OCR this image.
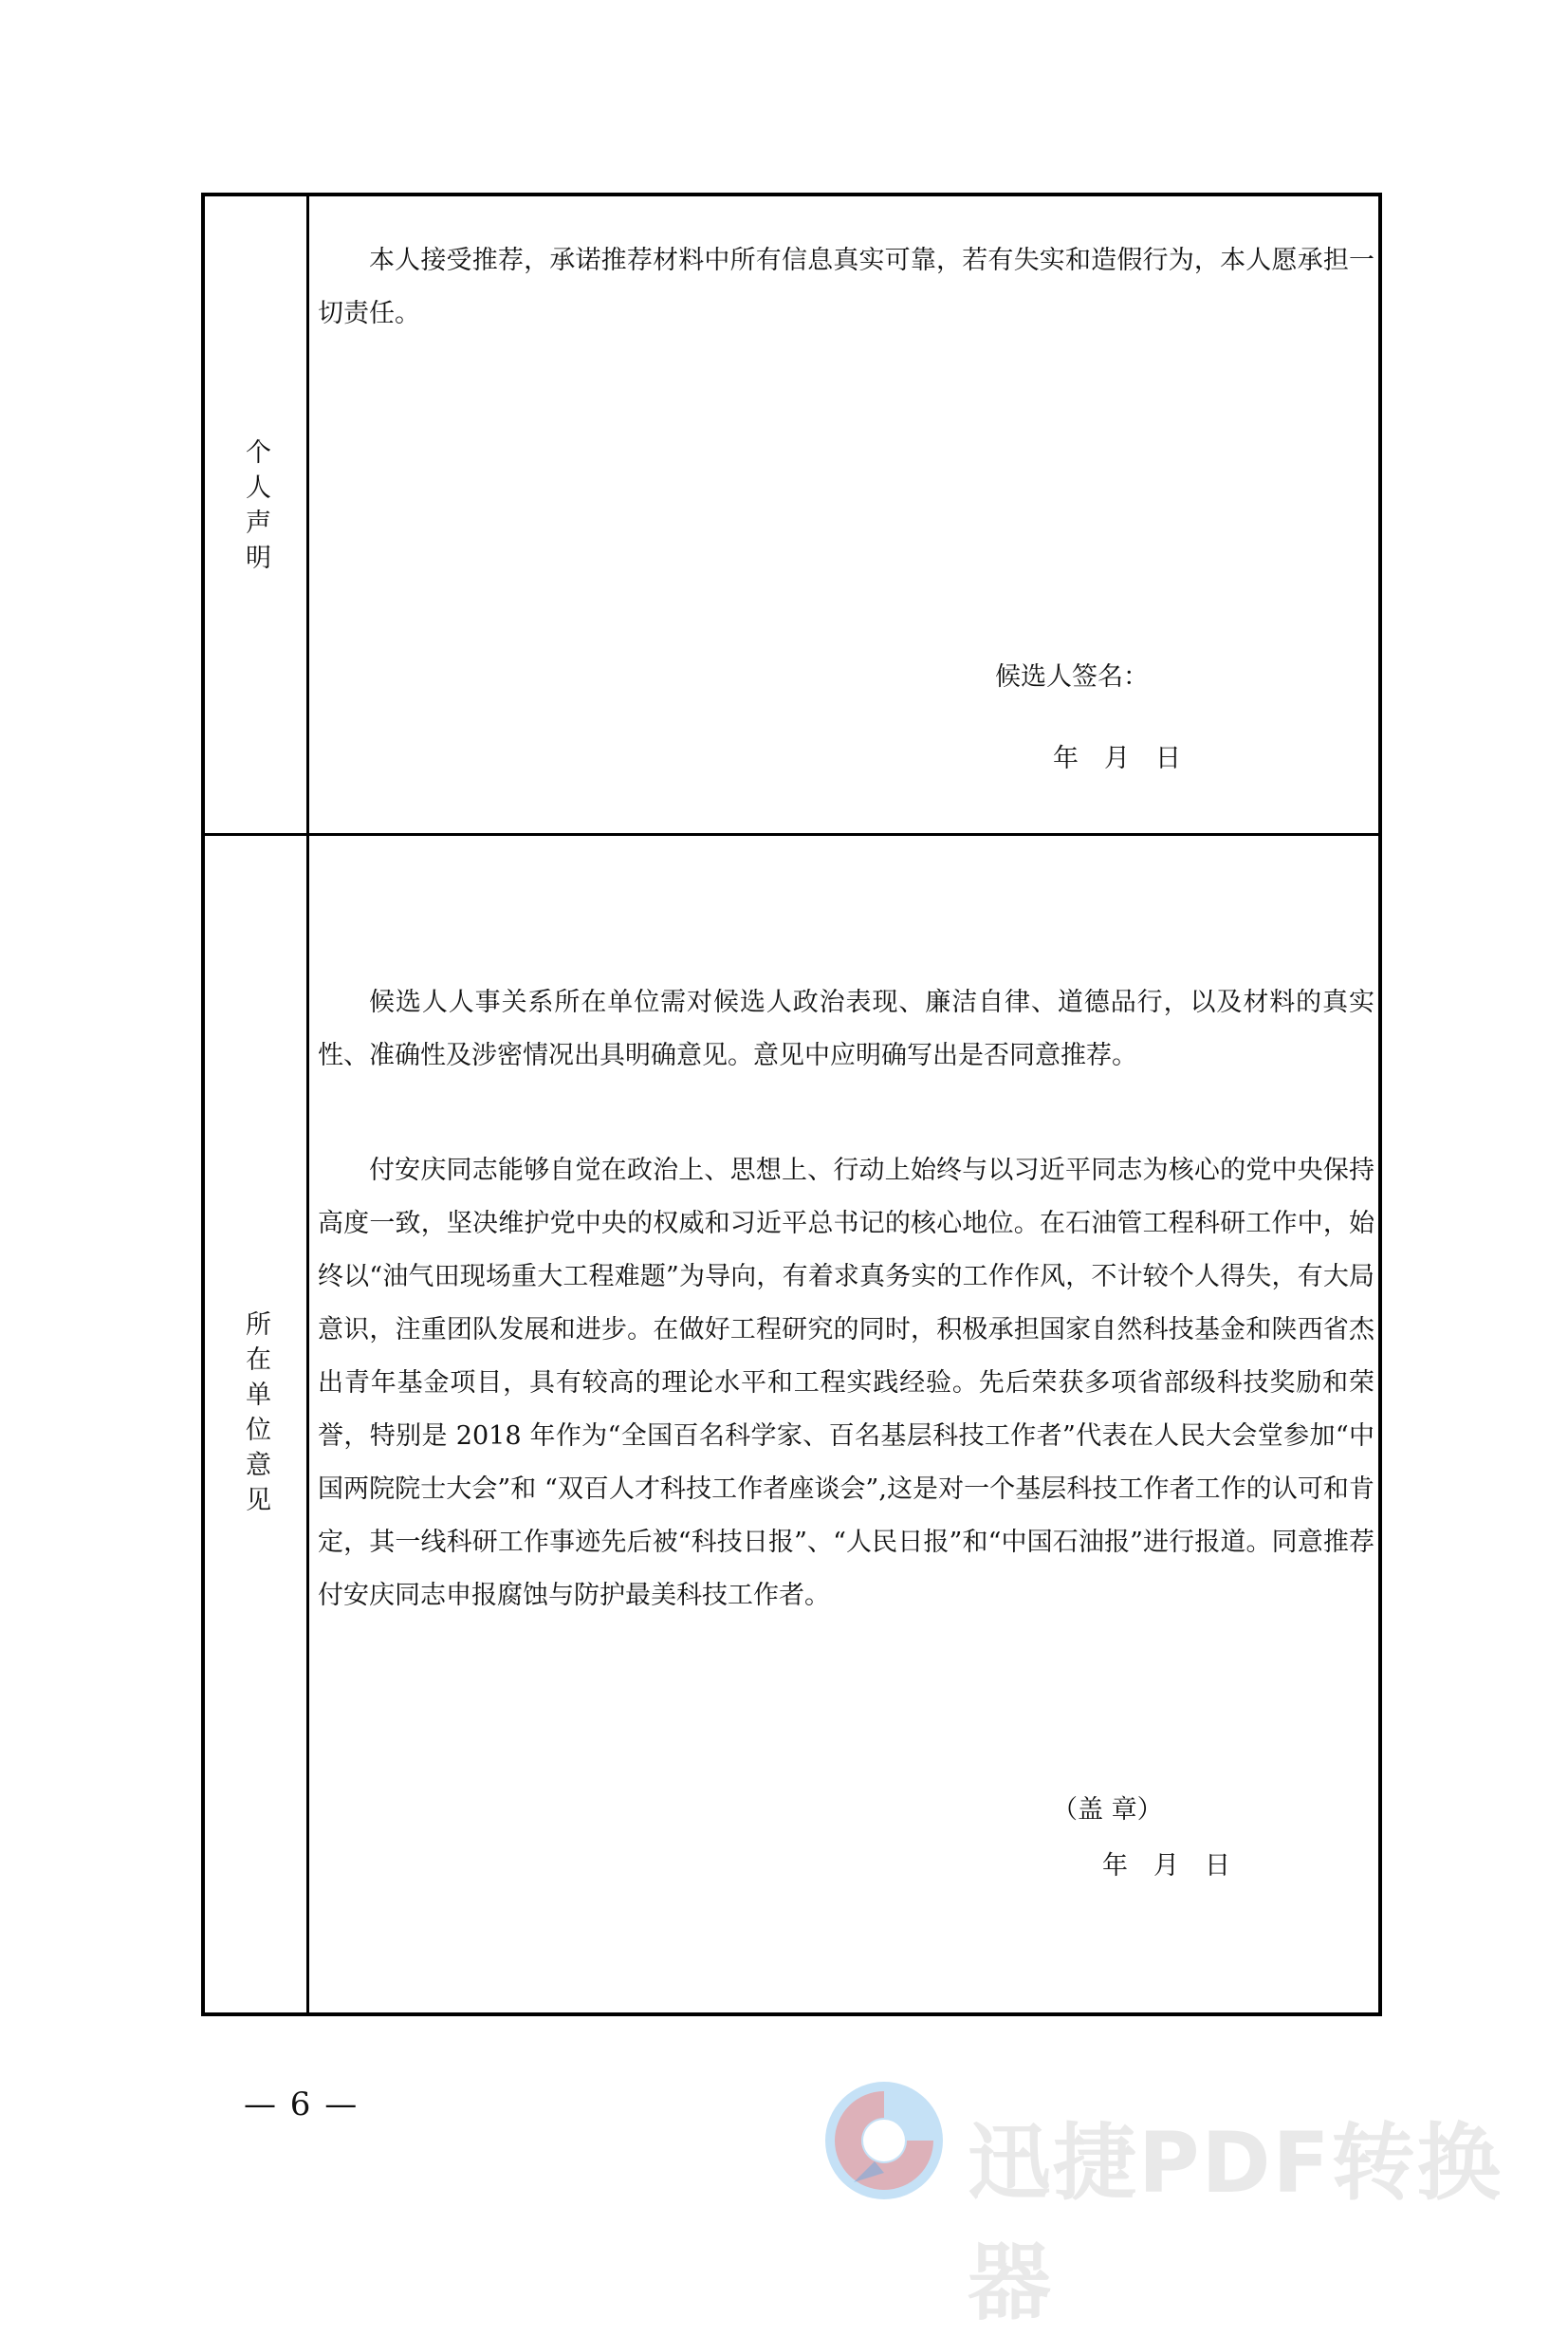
个人声明

本人接受推荐，承诺推荐材料中所有信息真实可靠，若有失实和造假行为，本人愿承担一切责任。

候选人签名：
年　月　日
所在单位意见

候选人人事关系所在单位需对候选人政治表现、廉洁自律、道德品行，以及材料的真实性、准确性及涉密情况出具明确意见。意见中应明确写出是否同意推荐。

付安庆同志能够自觉在政治上、思想上、行动上始终与以习近平同志为核心的党中央保持高度一致，坚决维护党中央的权威和习近平总书记的核心地位。在石油管工程科研工作中，始终以“油气田现场重大工程难题”为导向，有着求真务实的工作作风，不计较个人得失，有大局意识，注重团队发展和进步。在做好工程研究的同时，积极承担国家自然科技基金和陕西省杰出青年基金项目，具有较高的理论水平和工程实践经验。先后荣获多项省部级科技奖励和荣誉，特别是 2018 年作为“全国百名科学家、百名基层科技工作者”代表在人民大会堂参加“中国两院院士大会”和 “双百人才科技工作者座谈会”,这是对一个基层科技工作者工作的认可和肯定，其一线科研工作事迹先后被“科技日报”、“人民日报”和“中国石油报”进行报道。同意推荐付安庆同志申报腐蚀与防护最美科技工作者。

（盖 章）
年　月　日
— 6 —
迅捷PDF转换器
